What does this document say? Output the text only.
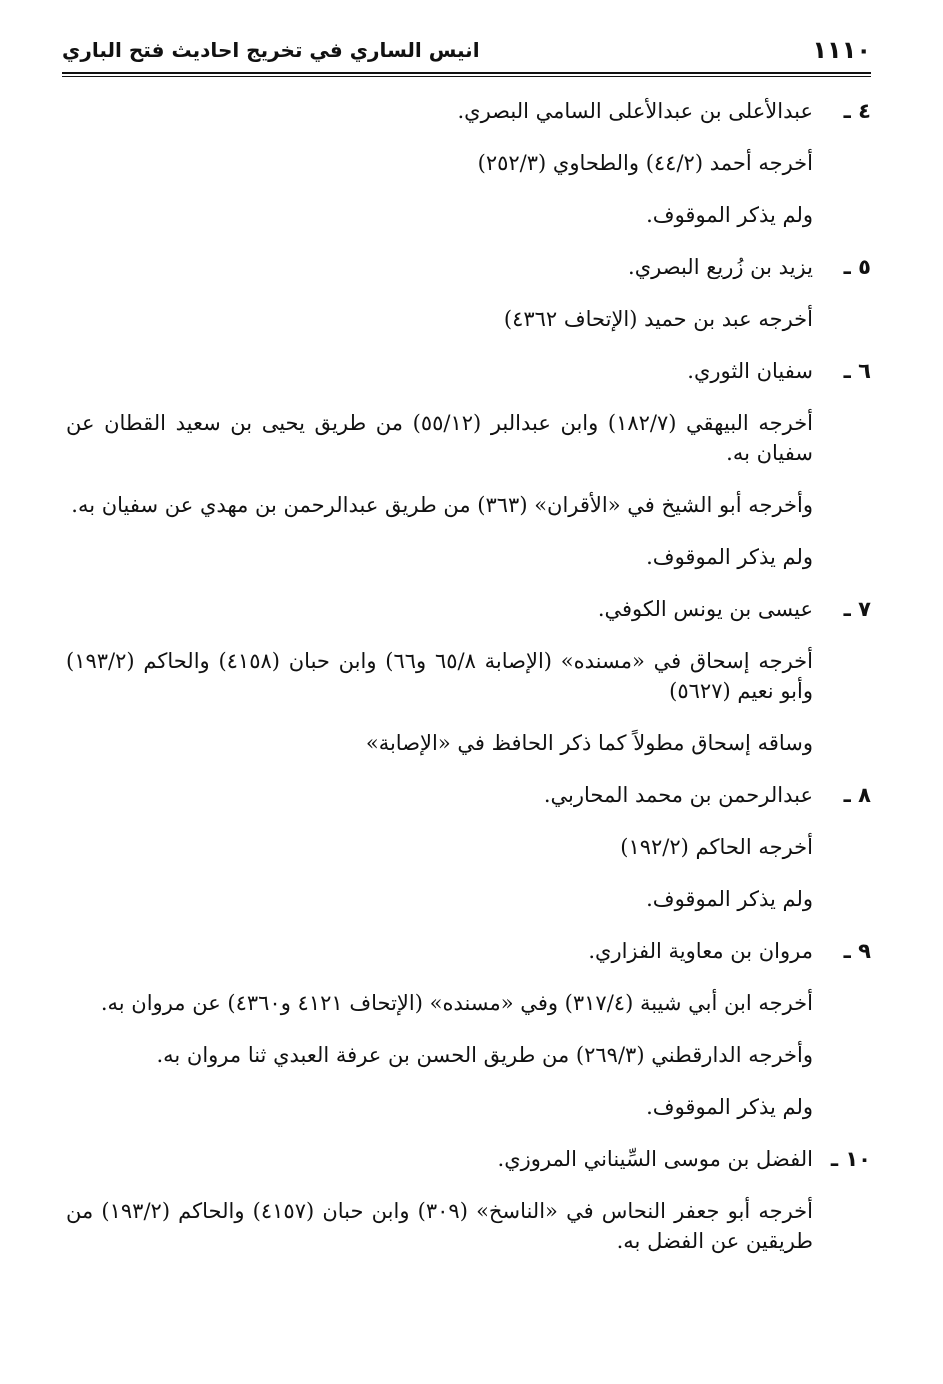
١١١٠
انيس الساري في تخريج احاديث فتح الباري

٤ ـ
عبدالأعلى بن عبدالأعلى السامي البصري.

أخرجه أحمد (٤٤/٢) والطحاوي (٢٥٢/٣)

ولم يذكر الموقوف.

٥ ـ
يزيد بن زُريع البصري.

أخرجه عبد بن حميد (الإتحاف ٤٣٦٢)

٦ ـ
سفيان الثوري.

أخرجه البيهقي (١٨٢/٧) وابن عبدالبر (٥٥/١٢) من طريق يحيى بن سعيد القطان عن سفيان به.

وأخرجه أبو الشيخ في «الأقران» (٣٦٣) من طريق عبدالرحمن بن مهدي عن سفيان به.

ولم يذكر الموقوف.

٧ ـ
عيسى بن يونس الكوفي.

أخرجه إسحاق في «مسنده» (الإصابة ٦٥/٨ و٦٦) وابن حبان (٤١٥٨) والحاكم (١٩٣/٢) وأبو نعيم (٥٦٢٧)

وساقه إسحاق مطولاً كما ذكر الحافظ في «الإصابة»

٨ ـ
عبدالرحمن بن محمد المحاربي.

أخرجه الحاكم (١٩٢/٢)

ولم يذكر الموقوف.

٩ ـ
مروان بن معاوية الفزاري.

أخرجه ابن أبي شيبة (٣١٧/٤) وفي «مسنده» (الإتحاف ٤١٢١ و٤٣٦٠) عن مروان به.

وأخرجه الدارقطني (٢٦٩/٣) من طريق الحسن بن عرفة العبدي ثنا مروان به.

ولم يذكر الموقوف.

١٠ ـ
الفضل بن موسى السِّيناني المروزي.

أخرجه أبو جعفر النحاس في «الناسخ» (٣٠٩) وابن حبان (٤١٥٧) والحاكم (١٩٣/٢) من طريقين عن الفضل به.
